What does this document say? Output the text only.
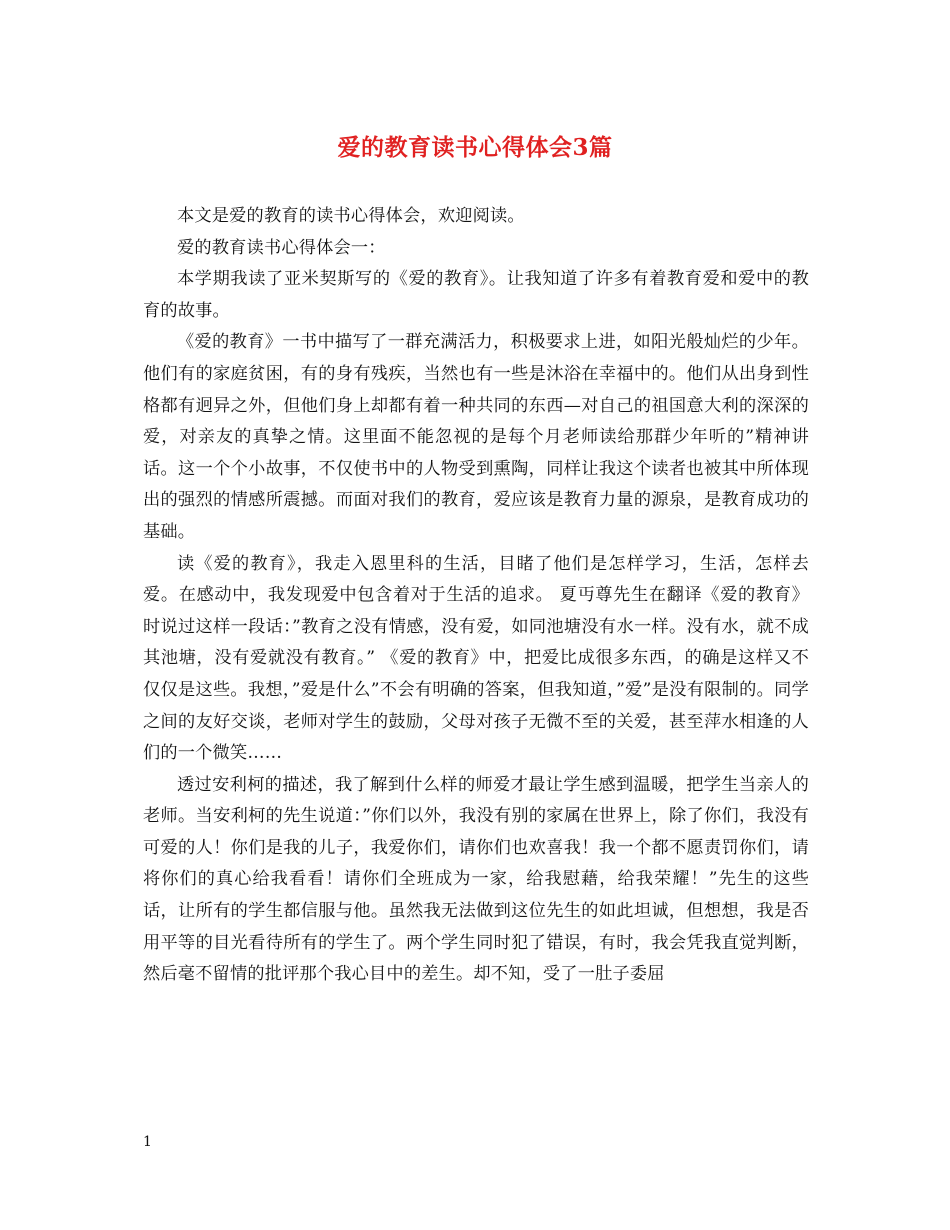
爱的教育读书心得体会3篇

本文是爱的教育的读书心得体会，欢迎阅读。

爱的教育读书心得体会一：

本学期我读了亚米契斯写的《爱的教育》。让我知道了许多有着教育爱和爱中的教育的故事。

《爱的教育》一书中描写了一群充满活力，积极要求上进，如阳光般灿烂的少年。他们有的家庭贫困，有的身有残疾，当然也有一些是沐浴在幸福中的。他们从出身到性格都有迥异之外，但他们身上却都有着一种共同的东西—对自己的祖国意大利的深深的爱，对亲友的真挚之情。这里面不能忽视的是每个月老师读给那群少年听的”精神讲话。这一个个小故事，不仅使书中的人物受到熏陶，同样让我这个读者也被其中所体现出的强烈的情感所震撼。而面对我们的教育，爱应该是教育力量的源泉，是教育成功的基础。

读《爱的教育》，我走入恩里科的生活，目睹了他们是怎样学习，生活，怎样去爱。在感动中，我发现爱中包含着对于生活的追求。 夏丏尊先生在翻译《爱的教育》时说过这样一段话：”教育之没有情感，没有爱，如同池塘没有水一样。没有水，就不成其池塘，没有爱就没有教育。” 《爱的教育》中，把爱比成很多东西，的确是这样又不仅仅是这些。我想，”爱是什么”不会有明确的答案，但我知道，”爱”是没有限制的。同学之间的友好交谈，老师对学生的鼓励，父母对孩子无微不至的关爱，甚至萍水相逢的人们的一个微笑……

透过安利柯的描述，我了解到什么样的师爱才最让学生感到温暖，把学生当亲人的老师。当安利柯的先生说道：”你们以外，我没有别的家属在世界上，除了你们，我没有可爱的人！你们是我的儿子，我爱你们，请你们也欢喜我！我一个都不愿责罚你们，请将你们的真心给我看看！请你们全班成为一家，给我慰藉，给我荣耀！”先生的这些话，让所有的学生都信服与他。虽然我无法做到这位先生的如此坦诚，但想想，我是否用平等的目光看待所有的学生了。两个学生同时犯了错误，有时，我会凭我直觉判断，然后毫不留情的批评那个我心目中的差生。却不知，受了一肚子委屈

1
